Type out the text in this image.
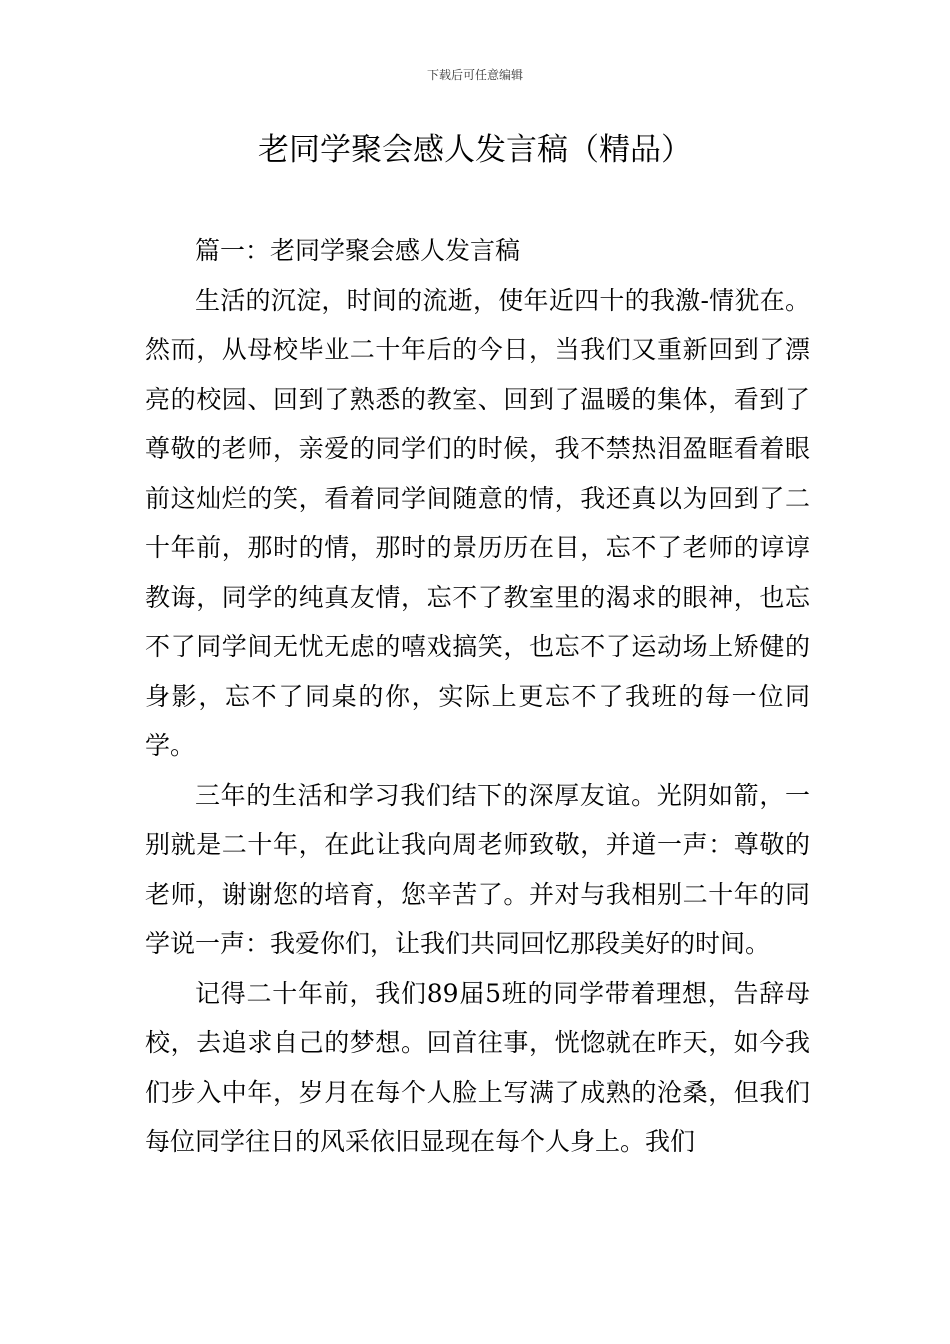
下载后可任意编辑
老同学聚会感人发言稿（精品）

篇一：老同学聚会感人发言稿

生活的沉淀，时间的流逝，使年近四十的我激-情犹在。然而，从母校毕业二十年后的今日，当我们又重新回到了漂亮的校园、回到了熟悉的教室、回到了温暖的集体，看到了尊敬的老师，亲爱的同学们的时候，我不禁热泪盈眶看着眼前这灿烂的笑，看着同学间随意的情，我还真以为回到了二十年前，那时的情，那时的景历历在目，忘不了老师的谆谆教诲，同学的纯真友情，忘不了教室里的渴求的眼神，也忘不了同学间无忧无虑的嘻戏搞笑，也忘不了运动场上矫健的身影，忘不了同桌的你，实际上更忘不了我班的每一位同学。

三年的生活和学习我们结下的深厚友谊。光阴如箭，一别就是二十年，在此让我向周老师致敬，并道一声：尊敬的老师，谢谢您的培育，您辛苦了。并对与我相别二十年的同学说一声：我爱你们，让我们共同回忆那段美好的时间。

记得二十年前，我们89届5班的同学带着理想，告辞母校，去追求自己的梦想。回首往事，恍惚就在昨天，如今我们步入中年，岁月在每个人脸上写满了成熟的沧桑，但我们每位同学往日的风采依旧显现在每个人身上。我们
